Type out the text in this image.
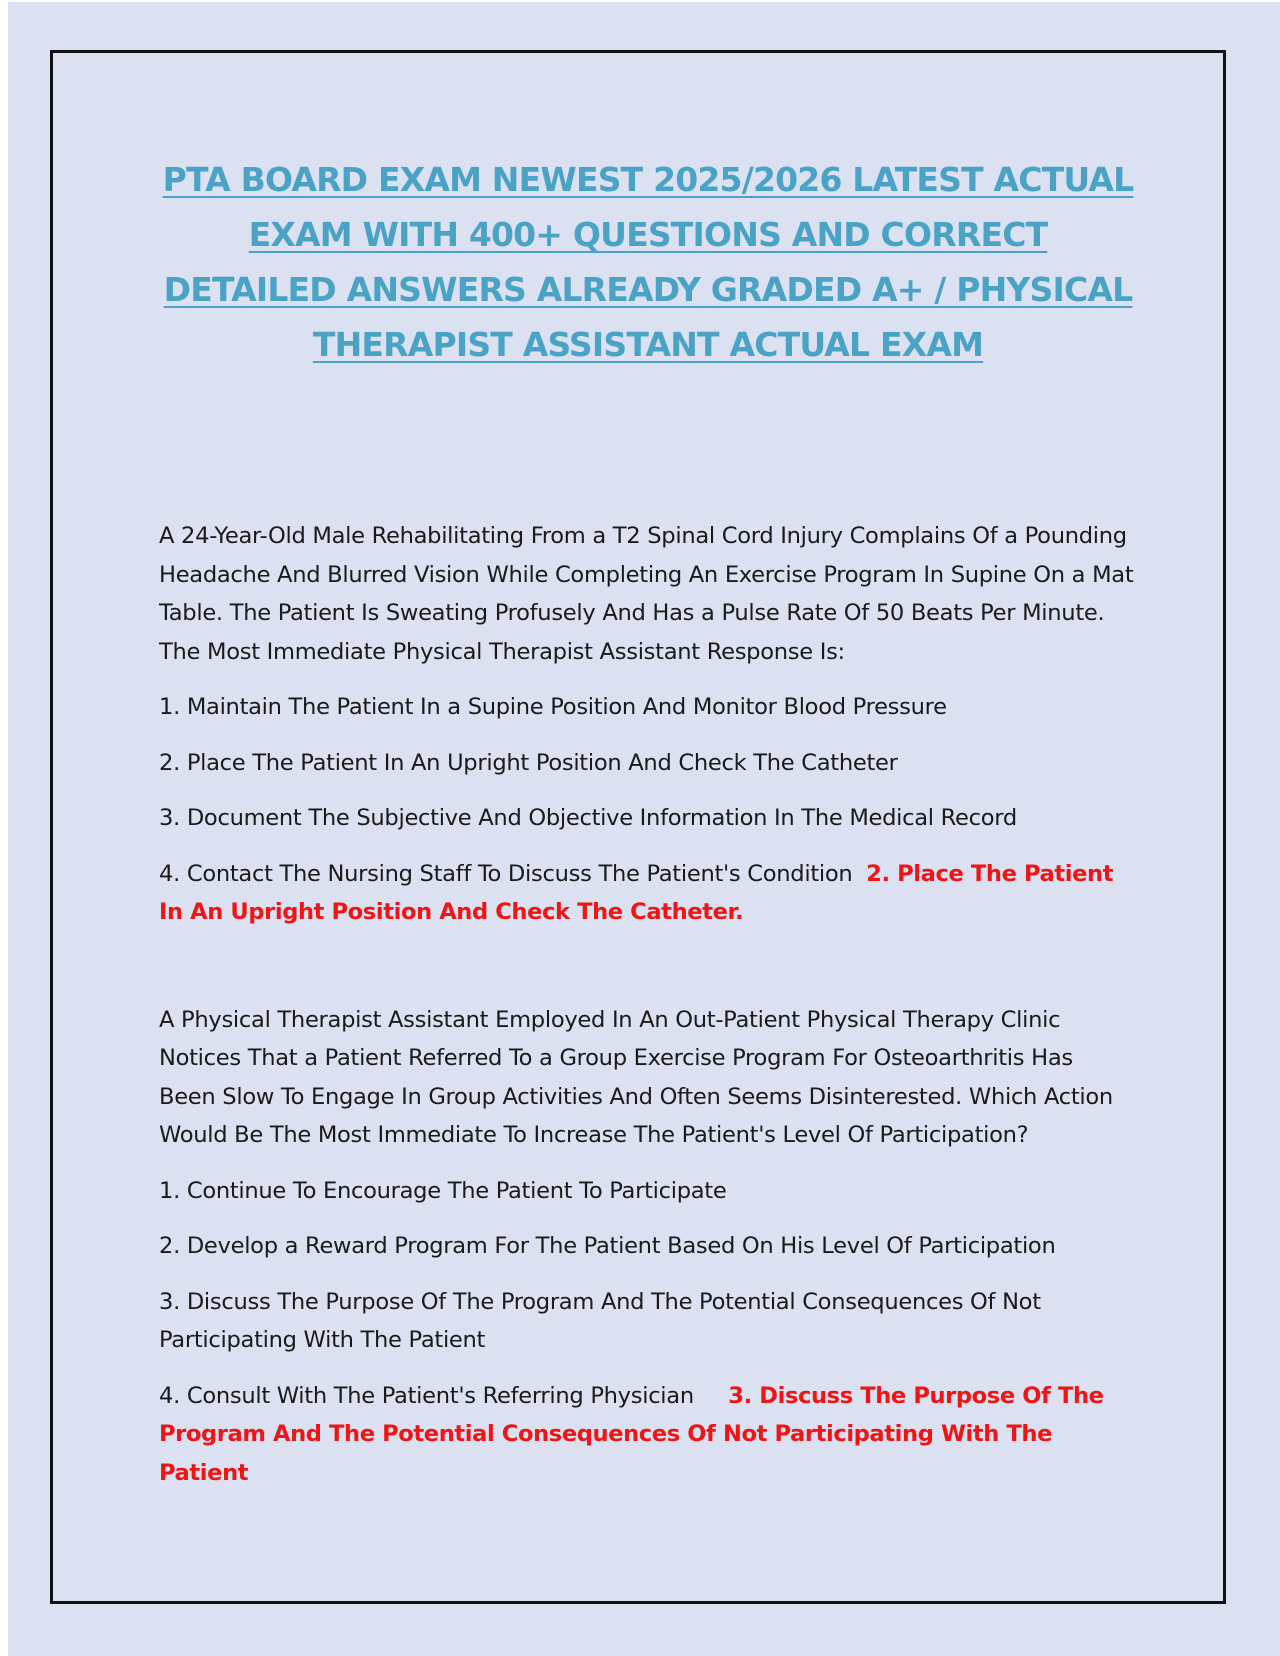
PTA BOARD EXAM NEWEST 2025/2026 LATEST ACTUAL EXAM WITH 400+ QUESTIONS AND CORRECT DETAILED ANSWERS ALREADY GRADED A+ / PHYSICAL THERAPIST ASSISTANT ACTUAL EXAM

A 24-Year-Old Male Rehabilitating From a T2 Spinal Cord Injury Complains Of a Pounding Headache And Blurred Vision While Completing An Exercise Program In Supine On a Mat Table. The Patient Is Sweating Profusely And Has a Pulse Rate Of 50 Beats Per Minute. The Most Immediate Physical Therapist Assistant Response Is:

1. Maintain The Patient In a Supine Position And Monitor Blood Pressure

2. Place The Patient In An Upright Position And Check The Catheter

3. Document The Subjective And Objective Information In The Medical Record

4. Contact The Nursing Staff To Discuss The Patient's Condition 2. Place The Patient In An Upright Position And Check The Catheter.

A Physical Therapist Assistant Employed In An Out-Patient Physical Therapy Clinic Notices That a Patient Referred To a Group Exercise Program For Osteoarthritis Has Been Slow To Engage In Group Activities And Often Seems Disinterested. Which Action Would Be The Most Immediate To Increase The Patient's Level Of Participation?

1. Continue To Encourage The Patient To Participate

2. Develop a Reward Program For The Patient Based On His Level Of Participation

3. Discuss The Purpose Of The Program And The Potential Consequences Of Not Participating With The Patient

4. Consult With The Patient's Referring Physician 3. Discuss The Purpose Of The Program And The Potential Consequences Of Not Participating With The Patient
